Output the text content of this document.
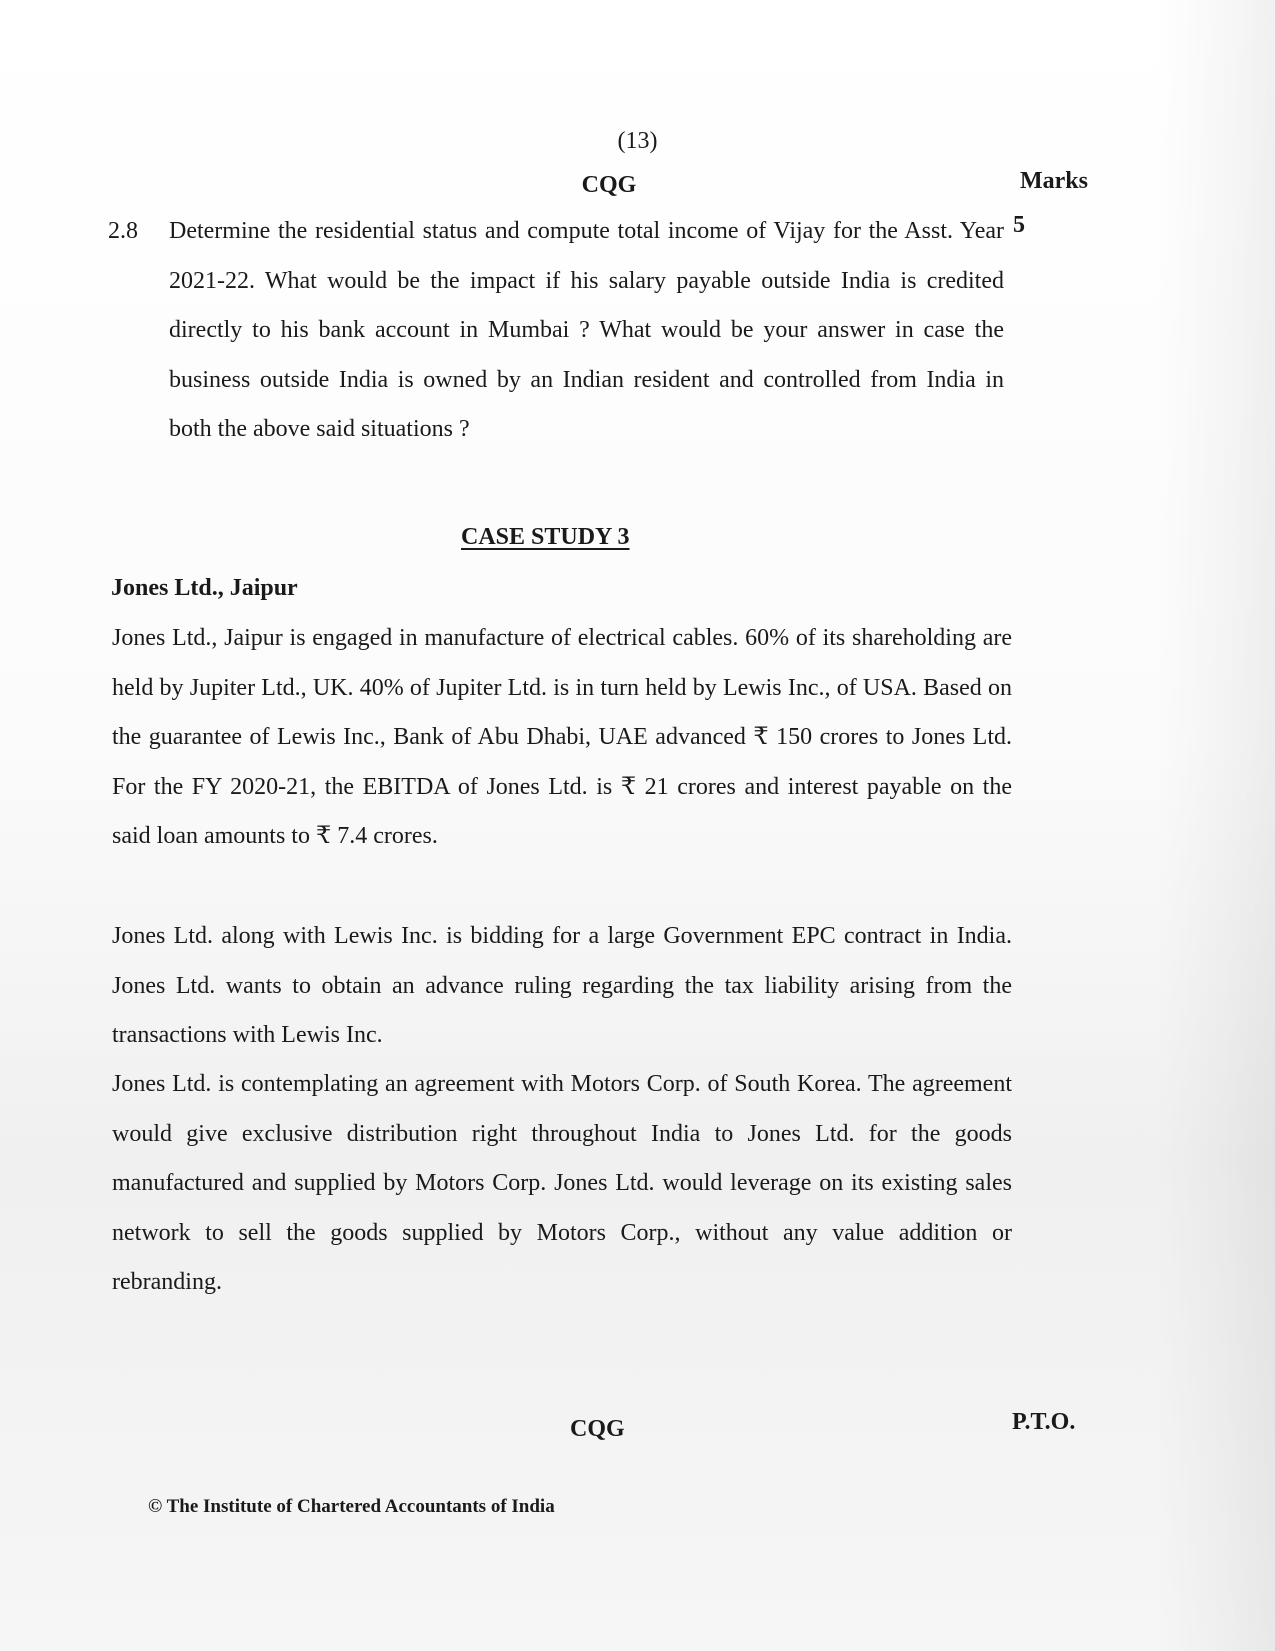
(13)
CQG	Marks
2.8 Determine the residential status and compute total income of Vijay for the Asst. Year 2021-22. What would be the impact if his salary payable outside India is credited directly to his bank account in Mumbai ? What would be your answer in case the business outside India is owned by an Indian resident and controlled from India in both the above said situations ?
5
CASE STUDY 3
Jones Ltd., Jaipur
Jones Ltd., Jaipur is engaged in manufacture of electrical cables. 60% of its shareholding are held by Jupiter Ltd., UK. 40% of Jupiter Ltd. is in turn held by Lewis Inc., of USA. Based on the guarantee of Lewis Inc., Bank of Abu Dhabi, UAE advanced ₹ 150 crores to Jones Ltd. For the FY 2020-21, the EBITDA of Jones Ltd. is ₹ 21 crores and interest payable on the said loan amounts to ₹ 7.4 crores.
Jones Ltd. along with Lewis Inc. is bidding for a large Government EPC contract in India. Jones Ltd. wants to obtain an advance ruling regarding the tax liability arising from the transactions with Lewis Inc.
Jones Ltd. is contemplating an agreement with Motors Corp. of South Korea. The agreement would give exclusive distribution right throughout India to Jones Ltd. for the goods manufactured and supplied by Motors Corp. Jones Ltd. would leverage on its existing sales network to sell the goods supplied by Motors Corp., without any value addition or rebranding.
CQG	P.T.O.
© The Institute of Chartered Accountants of India
